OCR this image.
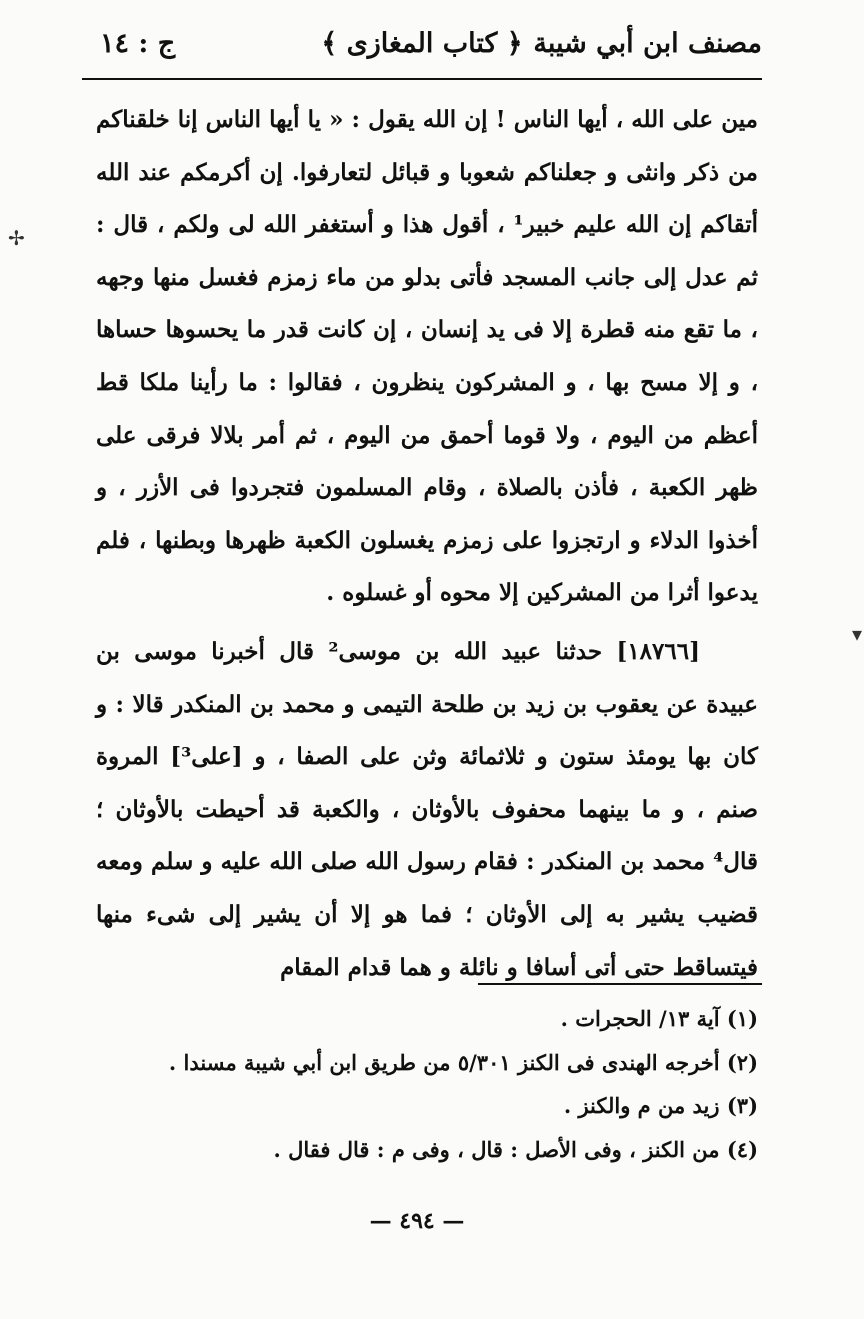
مصنف ابن أبي شيبة
﴿ كتاب المغازى ﴾
ج : ١٤

مين على الله ، أيها الناس ! إن الله يقول : « يا أيها الناس إنا خلقناكم من ذكر وانثى و جعلناكم شعوبا و قبائل لتعارفوا. إن أكرمكم عند الله أتقاكم إن الله عليم خبير¹ ، أقول هذا و أستغفر الله لى ولكم ، قال : ثم عدل إلى جانب المسجد فأتى بدلو من ماء زمزم فغسل منها وجهه ، ما تقع منه قطرة إلا فى يد إنسان ، إن كانت قدر ما يحسوها حساها ، و إلا مسح بها ، و المشركون ينظرون ، فقالوا : ما رأينا ملكا قط أعظم من اليوم ، ولا قوما أحمق من اليوم ، ثم أمر بلالا فرقى على ظهر الكعبة ، فأذن بالصلاة ، وقام المسلمون فتجردوا فى الأزر ، و أخذوا الدلاء و ارتجزوا على زمزم يغسلون الكعبة ظهرها وبطنها ، فلم يدعوا أثرا من المشركين إلا محوه أو غسلوه .

[١٨٧٦٦] حدثنا عبيد الله بن موسى² قال أخبرنا موسى بن عبيدة عن يعقوب بن زيد بن طلحة التيمى و محمد بن المنكدر قالا : و كان بها يومئذ ستون و ثلاثمائة وثن على الصفا ، و [على³] المروة صنم ، و ما بينهما محفوف بالأوثان ، والكعبة قد أحيطت بالأوثان ؛ قال⁴ محمد بن المنكدر : فقام رسول الله صلى الله عليه و سلم ومعه قضيب يشير به إلى الأوثان ؛ فما هو إلا أن يشير إلى شىء منها فيتساقط حتى أتى أسافا و نائلة و هما قدام المقام

(١) آية ١٣/ الحجرات .
(٢) أخرجه الهندى فى الكنز ٥/٣٠١ من طريق ابن أبي شيبة مسندا .
(٣) زيد من م والكنز .
(٤) من الكنز ، وفى الأصل : قال ، وفى م : قال فقال .
— ٤٩٤ —
✢
▾
